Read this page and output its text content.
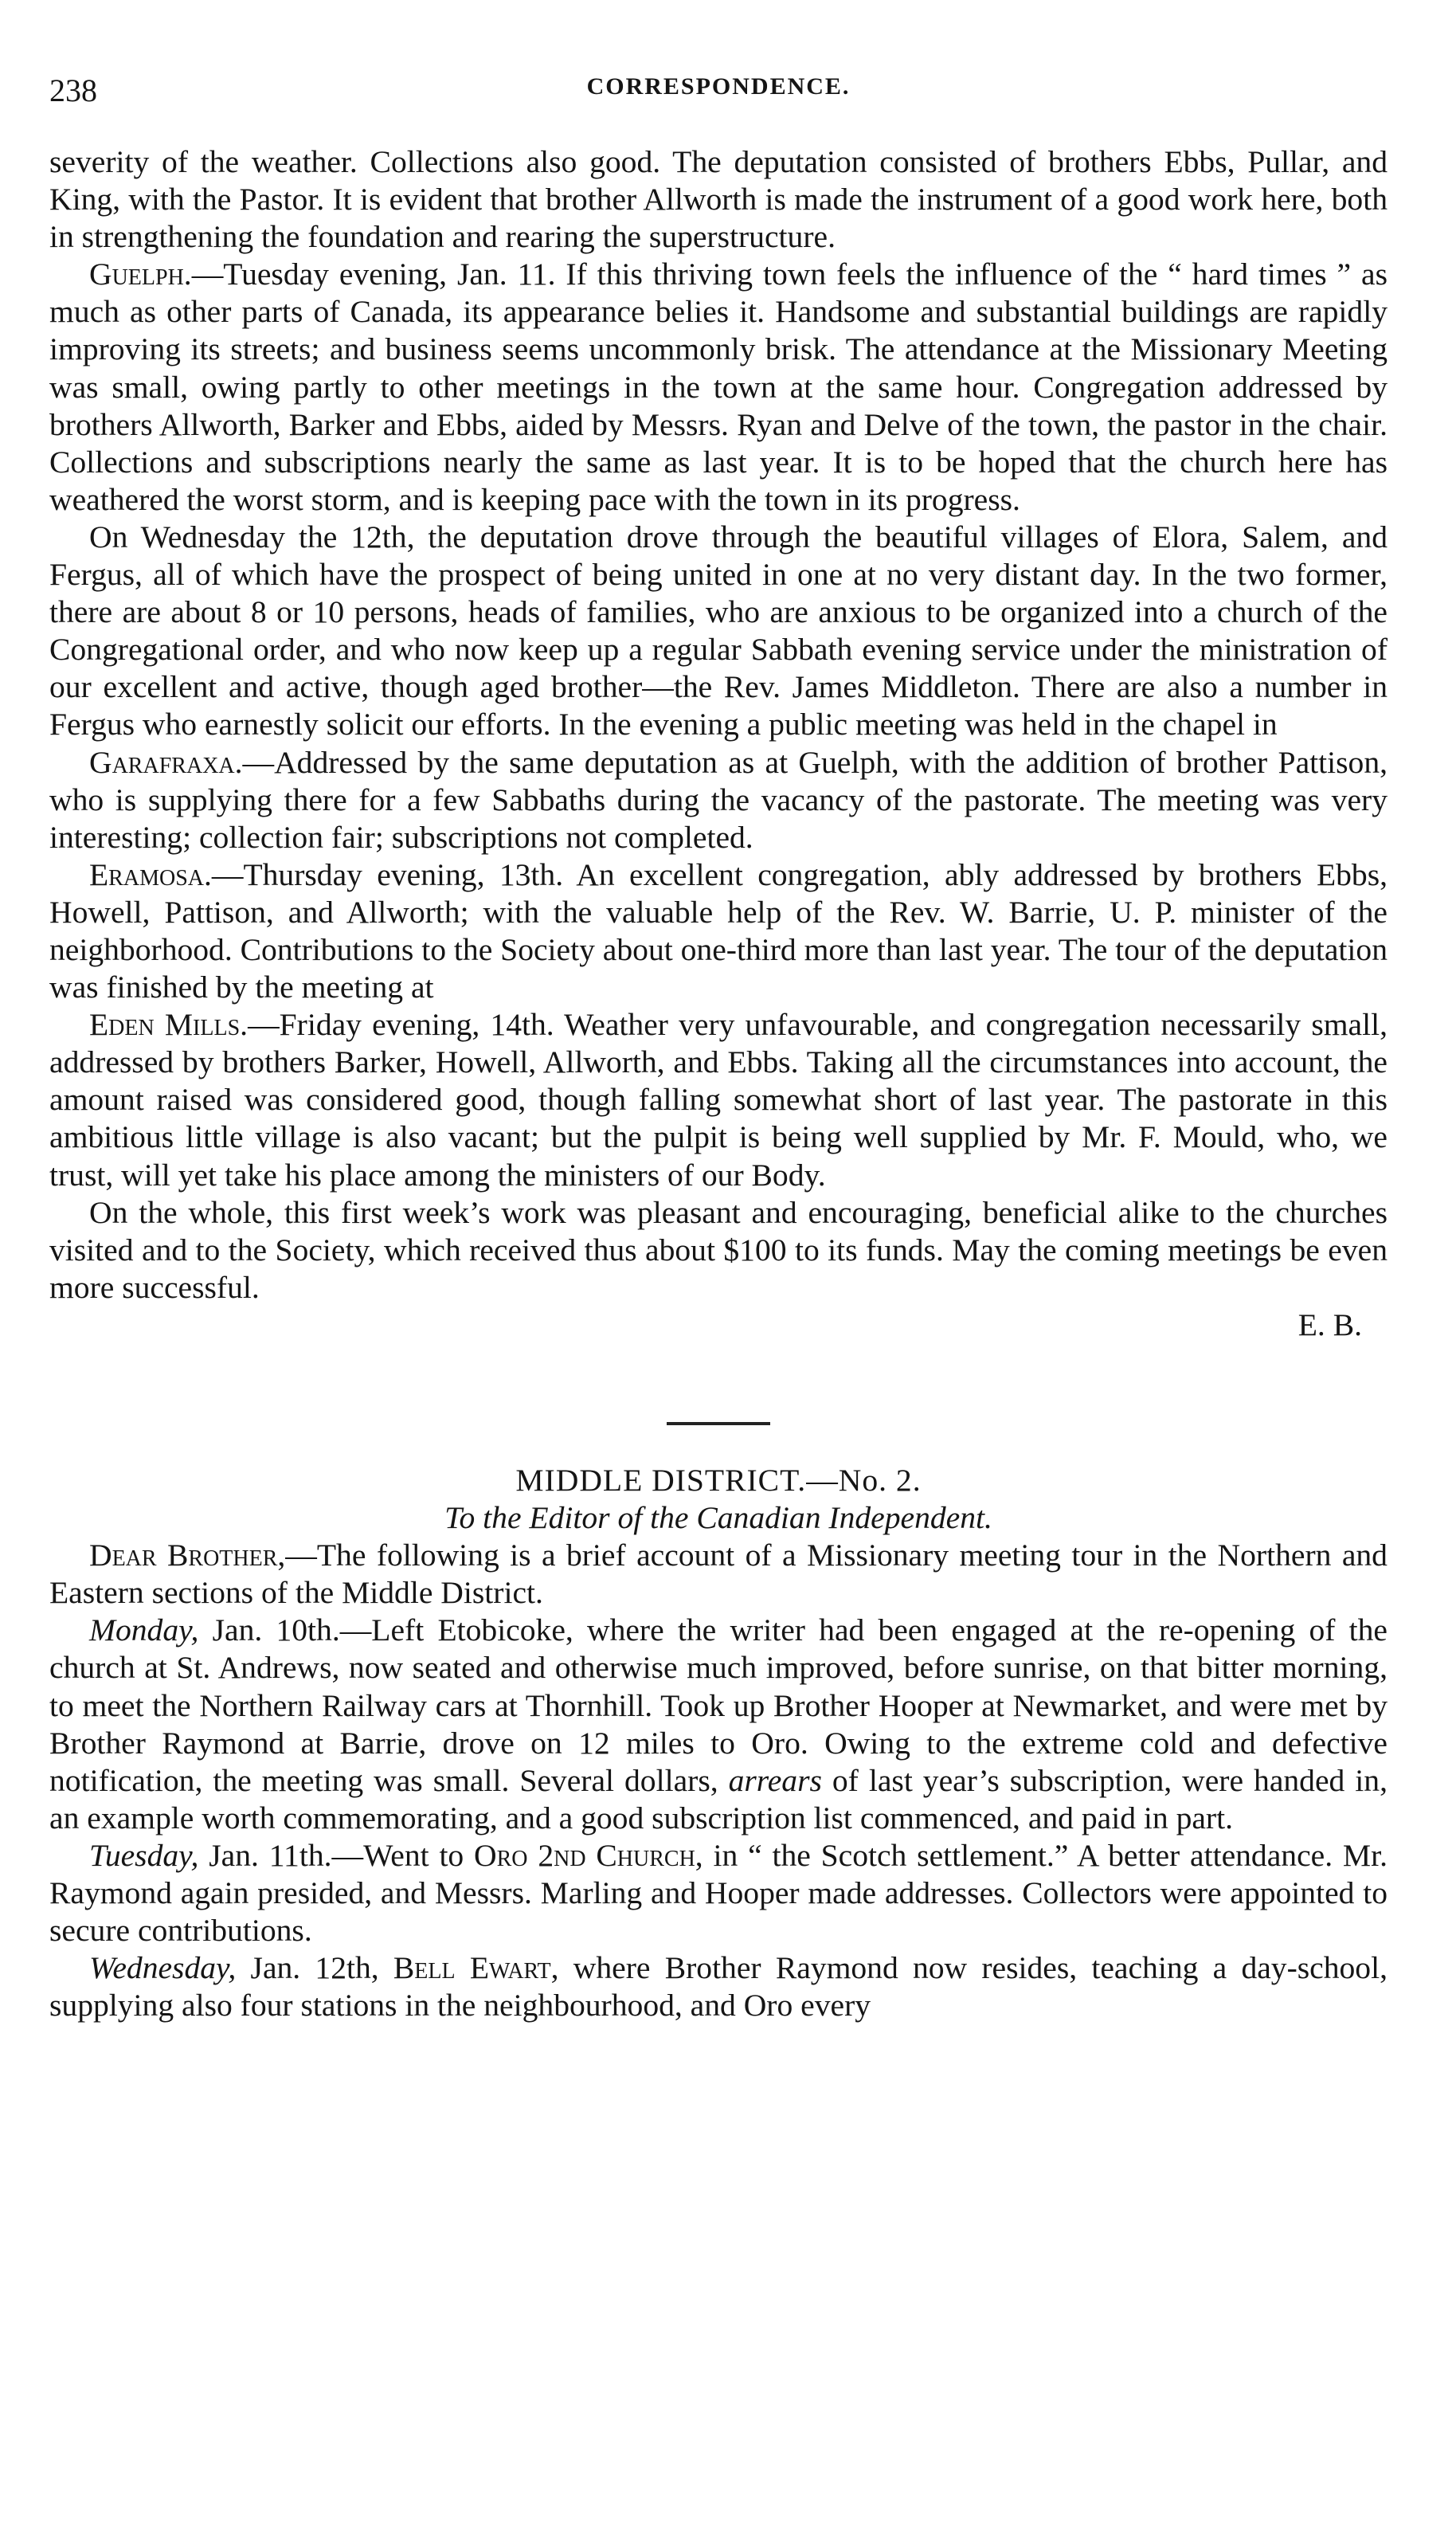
238	CORRESPONDENCE.

severity of the weather. Collections also good. The deputation consisted of brothers Ebbs, Pullar, and King, with the Pastor. It is evident that brother Allworth is made the instrument of a good work here, both in strengthening the foundation and rearing the superstructure.

Guelph.—Tuesday evening, Jan. 11. If this thriving town feels the influence of the “ hard times ” as much as other parts of Canada, its appearance belies it. Handsome and substantial buildings are rapidly improving its streets; and business seems uncommonly brisk. The attendance at the Missionary Meeting was small, owing partly to other meetings in the town at the same hour. Congregation addressed by brothers Allworth, Barker and Ebbs, aided by Messrs. Ryan and Delve of the town, the pastor in the chair. Collections and subscriptions nearly the same as last year. It is to be hoped that the church here has weathered the worst storm, and is keeping pace with the town in its progress.

On Wednesday the 12th, the deputation drove through the beautiful villages of Elora, Salem, and Fergus, all of which have the prospect of being united in one at no very distant day. In the two former, there are about 8 or 10 persons, heads of families, who are anxious to be organized into a church of the Congregational order, and who now keep up a regular Sabbath evening service under the ministration of our excellent and active, though aged brother—the Rev. James Middleton. There are also a number in Fergus who earnestly solicit our efforts. In the evening a public meeting was held in the chapel in

Garafraxa.—Addressed by the same deputation as at Guelph, with the addition of brother Pattison, who is supplying there for a few Sabbaths during the vacancy of the pastorate. The meeting was very interesting; collection fair; subscriptions not completed.

Eramosa.—Thursday evening, 13th. An excellent congregation, ably addressed by brothers Ebbs, Howell, Pattison, and Allworth; with the valuable help of the Rev. W. Barrie, U. P. minister of the neighborhood. Contributions to the Society about one-third more than last year. The tour of the deputation was finished by the meeting at

Eden Mills.—Friday evening, 14th. Weather very unfavourable, and congregation necessarily small, addressed by brothers Barker, Howell, Allworth, and Ebbs. Taking all the circumstances into account, the amount raised was considered good, though falling somewhat short of last year. The pastorate in this ambitious little village is also vacant; but the pulpit is being well supplied by Mr. F. Mould, who, we trust, will yet take his place among the ministers of our Body.

On the whole, this first week’s work was pleasant and encouraging, beneficial alike to the churches visited and to the Society, which received thus about $100 to its funds. May the coming meetings be even more successful.

E. B.

MIDDLE DISTRICT.—No. 2.
To the Editor of the Canadian Independent.

Dear Brother,—The following is a brief account of a Missionary meeting tour in the Northern and Eastern sections of the Middle District.

Monday, Jan. 10th.—Left Etobicoke, where the writer had been engaged at the re-opening of the church at St. Andrews, now seated and otherwise much improved, before sunrise, on that bitter morning, to meet the Northern Railway cars at Thornhill. Took up Brother Hooper at Newmarket, and were met by Brother Raymond at Barrie, drove on 12 miles to Oro. Owing to the extreme cold and defective notification, the meeting was small. Several dollars, arrears of last year’s subscription, were handed in, an example worth commemorating, and a good subscription list commenced, and paid in part.

Tuesday, Jan. 11th.—Went to Oro 2nd Church, in “ the Scotch settlement.” A better attendance. Mr. Raymond again presided, and Messrs. Marling and Hooper made addresses. Collectors were appointed to secure contributions.

Wednesday, Jan. 12th, Bell Ewart, where Brother Raymond now resides, teaching a day-school, supplying also four stations in the neighbourhood, and Oro every
